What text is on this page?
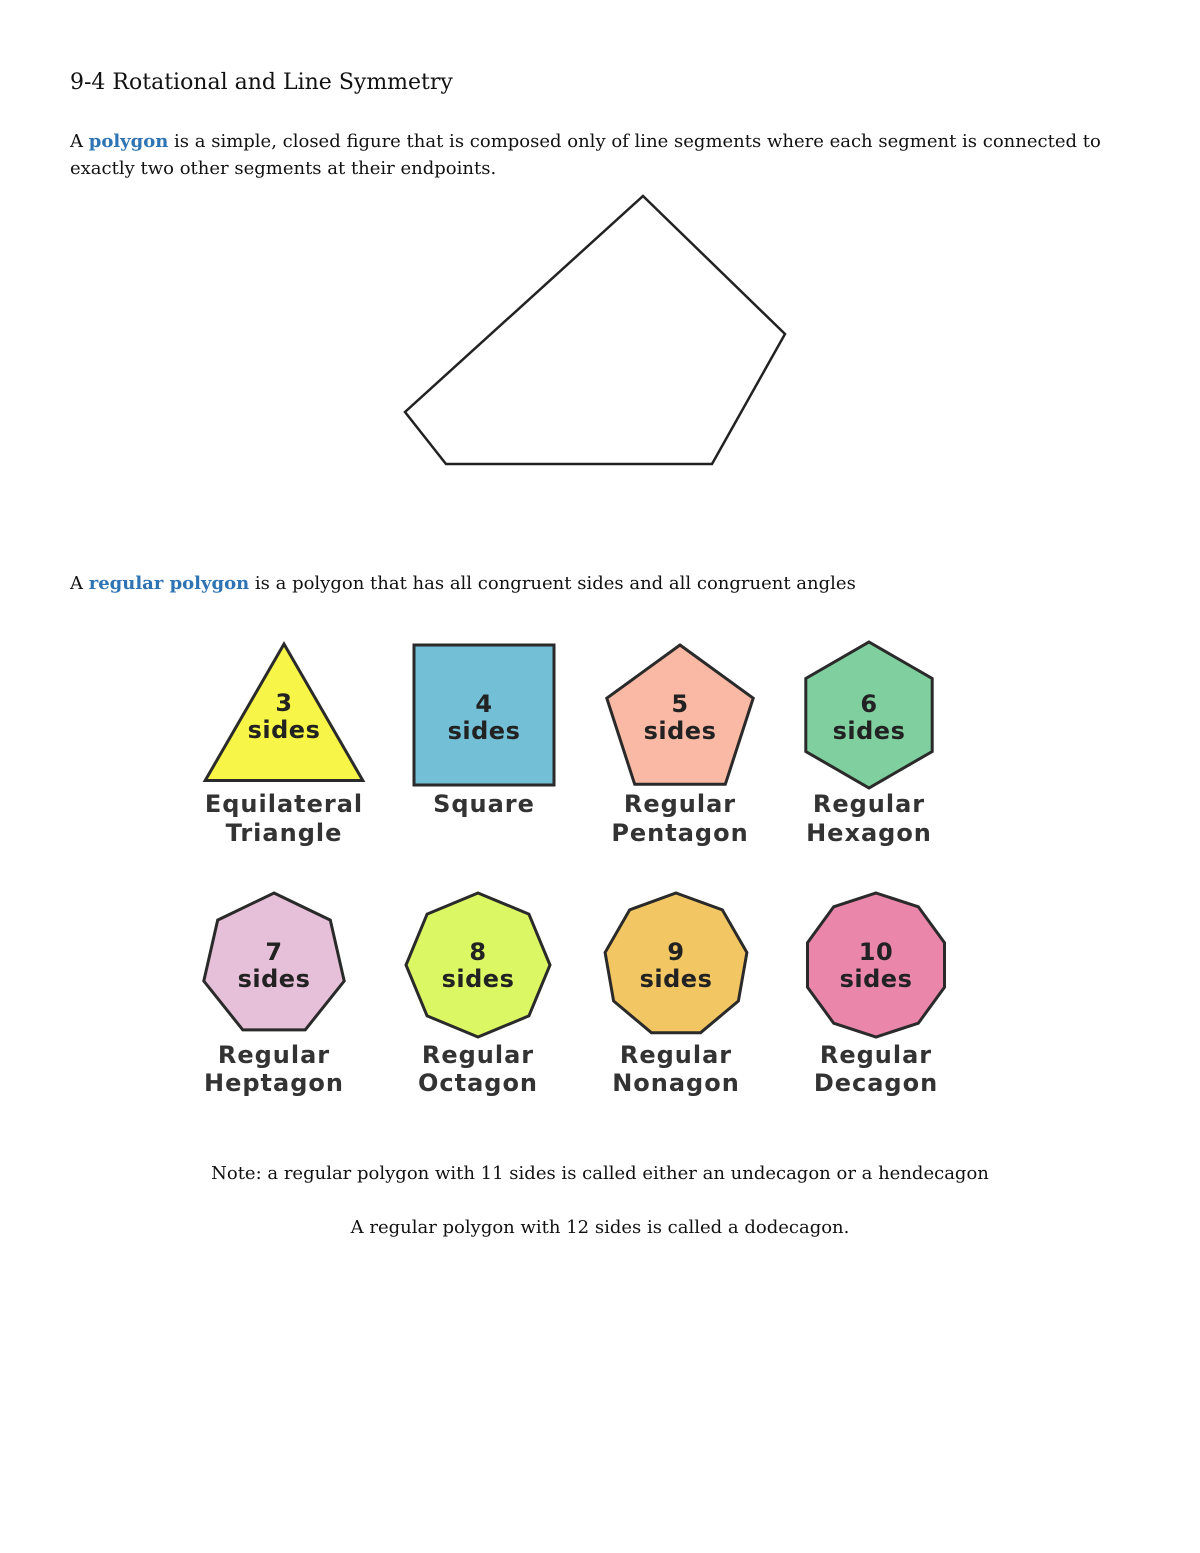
9-4 Rotational and Line Symmetry

A polygon is a simple, closed figure that is composed only of line segments where each segment is connected to exactly two other segments at their endpoints.

A regular polygon is a polygon that has all congruent sides and all congruent angles

3
sides
Equilateral
Triangle
4
sides
Square
5
sides
Regular
Pentagon
6
sides
Regular
Hexagon
7
sides
Regular
Heptagon
8
sides
Regular
Octagon
9
sides
Regular
Nonagon
10
sides
Regular
Decagon

Note: a regular polygon with 11 sides is called either an undecagon or a hendecagon

A regular polygon with 12 sides is called a dodecagon.
